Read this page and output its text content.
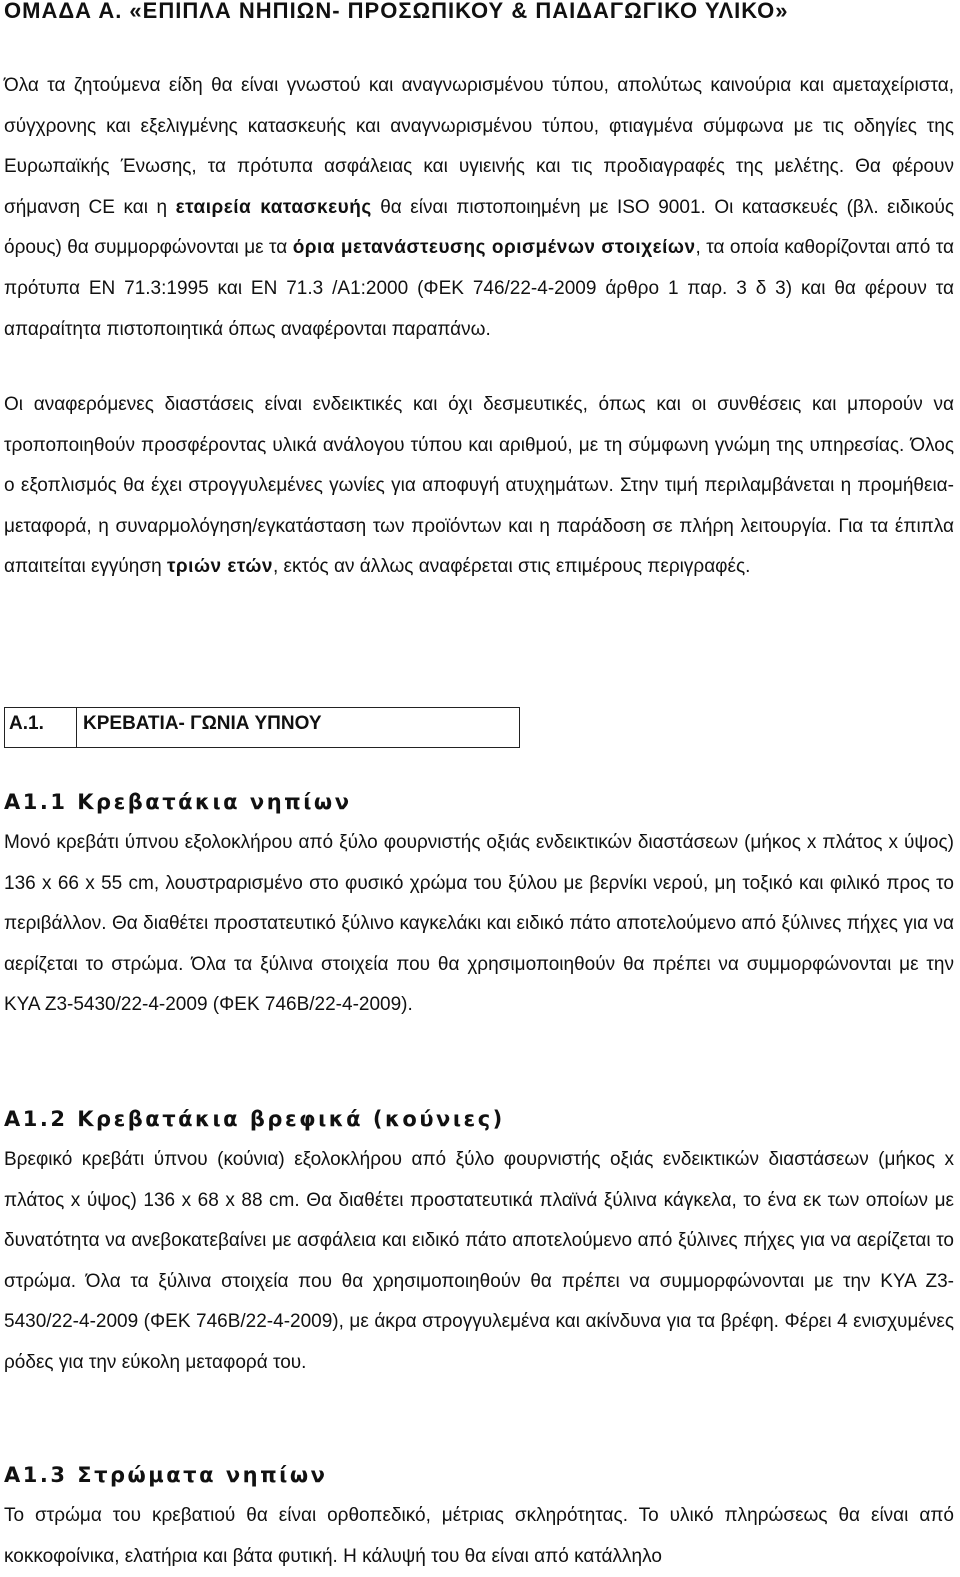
ΟΜΑΔΑ Α. «ΕΠΙΠΛΑ ΝΗΠΙΩΝ- ΠΡΟΣΩΠΙΚΟΥ & ΠΑΙΔΑΓΩΓΙΚΟ ΥΛΙΚΟ»

Όλα τα ζητούμενα είδη θα είναι γνωστού και αναγνωρισμένου τύπου, απολύτως καινούρια και αμεταχείριστα, σύγχρονης και εξελιγμένης κατασκευής και αναγνωρισμένου τύπου, φτιαγμένα σύμφωνα με τις οδηγίες της Ευρωπαϊκής Ένωσης, τα πρότυπα ασφάλειας και υγιεινής και τις προδιαγραφές της μελέτης. Θα φέρουν σήμανση CE και η εταιρεία κατασκευής θα είναι πιστοποιημένη με ISO 9001. Οι κατασκευές (βλ. ειδικούς όρους) θα συμμορφώνονται με τα όρια μετανάστευσης ορισμένων στοιχείων, τα οποία καθορίζονται από τα πρότυπα EN 71.3:1995 και EN 71.3 /A1:2000 (ΦΕΚ 746/22-4-2009 άρθρο 1 παρ. 3 δ 3) και θα φέρουν τα απαραίτητα πιστοποιητικά όπως αναφέρονται παραπάνω.

Οι αναφερόμενες διαστάσεις είναι ενδεικτικές και όχι δεσμευτικές, όπως και οι συνθέσεις και μπορούν να τροποποιηθούν προσφέροντας υλικά ανάλογου τύπου και αριθμού, με τη σύμφωνη γνώμη της υπηρεσίας. Όλος ο εξοπλισμός θα έχει στρογγυλεμένες γωνίες για αποφυγή ατυχημάτων. Στην τιμή περιλαμβάνεται η προμήθεια- μεταφορά, η συναρμολόγηση/εγκατάσταση των προϊόντων και η παράδοση σε πλήρη λειτουργία. Για τα έπιπλα απαιτείται εγγύηση τριών ετών, εκτός αν άλλως αναφέρεται στις επιμέρους περιγραφές.

A.1.	ΚΡΕΒΑΤΙΑ- ΓΩΝΙΑ ΥΠΝΟΥ
Α1.1 Κρεβατάκια νηπίων

Μονό κρεβάτι ύπνου εξολοκλήρου από ξύλο φουρνιστής οξιάς ενδεικτικών διαστάσεων (μήκος x πλάτος x ύψος) 136 x 66 x 55 cm, λουστραρισμένο στο φυσικό χρώμα του ξύλου με βερνίκι νερού, μη τοξικό και φιλικό προς το περιβάλλον. Θα διαθέτει προστατευτικό ξύλινο καγκελάκι και ειδικό πάτο αποτελούμενο από ξύλινες πήχες για να αερίζεται το στρώμα. Όλα τα ξύλινα στοιχεία που θα χρησιμοποιηθούν θα πρέπει να συμμορφώνονται με την ΚΥΑ Ζ3-5430/22-4-2009 (ΦΕΚ 746Β/22-4-2009).

Α1.2 Κρεβατάκια βρεφικά (κούνιες)

Βρεφικό κρεβάτι ύπνου (κούνια) εξολοκλήρου από ξύλο φουρνιστής οξιάς ενδεικτικών διαστάσεων (μήκος x πλάτος x ύψος) 136 x 68 x 88 cm. Θα διαθέτει προστατευτικά πλαϊνά ξύλινα κάγκελα, το ένα εκ των οποίων με δυνατότητα να ανεβοκατεβαίνει με ασφάλεια και ειδικό πάτο αποτελούμενο από ξύλινες πήχες για να αερίζεται το στρώμα. Όλα τα ξύλινα στοιχεία που θα χρησιμοποιηθούν θα πρέπει να συμμορφώνονται με την ΚΥΑ Ζ3-5430/22-4-2009 (ΦΕΚ 746Β/22-4-2009), με άκρα στρογγυλεμένα και ακίνδυνα για τα βρέφη. Φέρει 4 ενισχυμένες ρόδες για την εύκολη μεταφορά του.

Α1.3 Στρώματα νηπίων

Το στρώμα του κρεβατιού θα είναι ορθοπεδικό, μέτριας σκληρότητας. Το υλικό πληρώσεως θα είναι από κοκκοφοίνικα, ελατήρια και βάτα φυτική. Η κάλυψή του θα είναι από κατάλληλο
